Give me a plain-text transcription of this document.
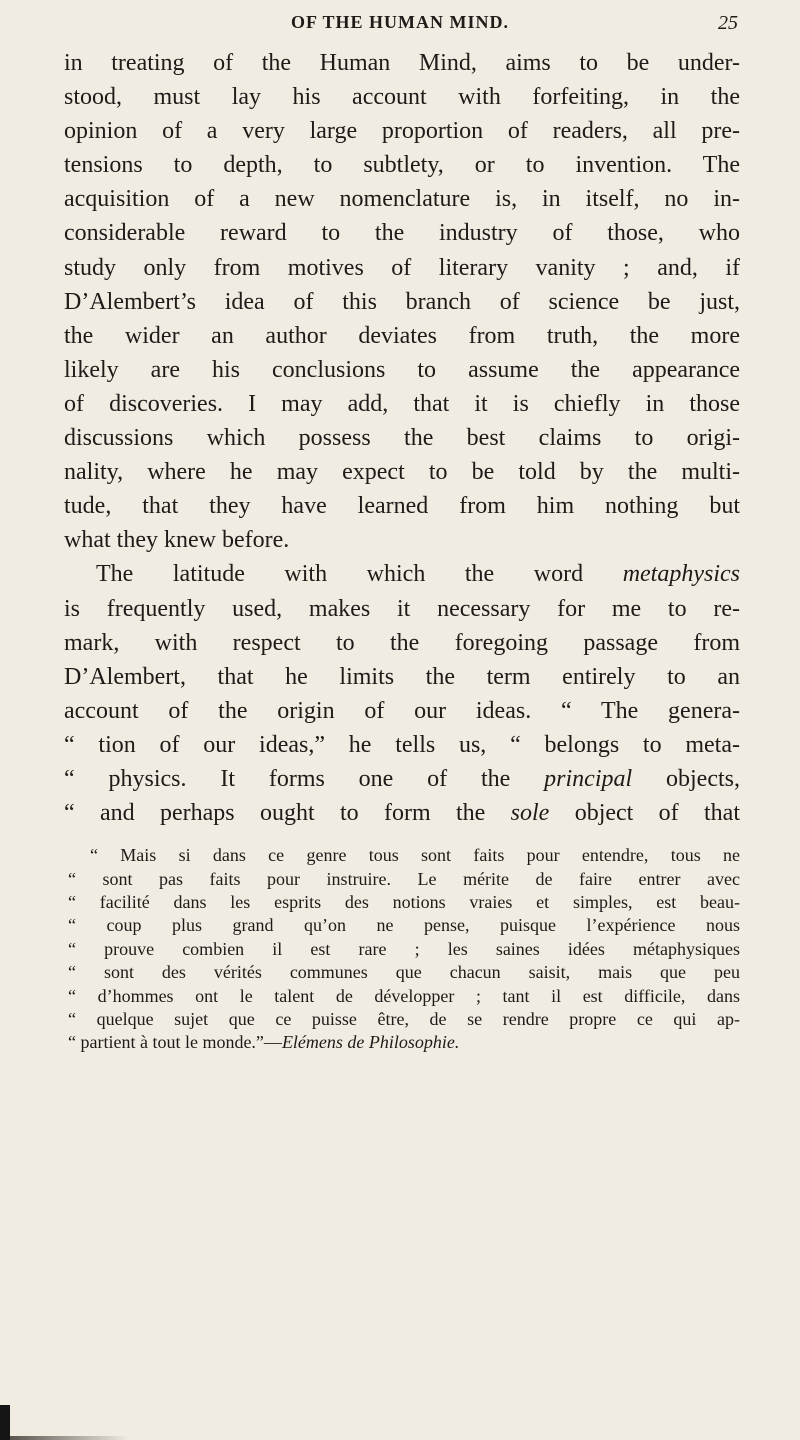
OF THE HUMAN MIND.	25
in treating of the Human Mind, aims to be under-
stood, must lay his account with forfeiting, in the
opinion of a very large proportion of readers, all pre-
tensions to depth, to subtlety, or to invention. The
acquisition of a new nomenclature is, in itself, no in-
considerable reward to the industry of those, who
study only from motives of literary vanity ; and, if
D’Alembert’s idea of this branch of science be just,
the wider an author deviates from truth, the more
likely are his conclusions to assume the appearance
of discoveries. I may add, that it is chiefly in those
discussions which possess the best claims to origi-
nality, where he may expect to be told by the multi-
tude, that they have learned from him nothing but
what they knew before.
The latitude with which the word metaphysics
is frequently used, makes it necessary for me to re-
mark, with respect to the foregoing passage from
D’Alembert, that he limits the term entirely to an
account of the origin of our ideas. “ The genera-
“ tion of our ideas,” he tells us, “ belongs to meta-
“ physics. It forms one of the principal objects,
“ and perhaps ought to form the sole object of that
“ Mais si dans ce genre tous sont faits pour entendre, tous ne
“ sont pas faits pour instruire. Le mérite de faire entrer avec
“ facilité dans les esprits des notions vraies et simples, est beau-
“ coup plus grand qu’on ne pense, puisque l’expérience nous
“ prouve combien il est rare ; les saines idées métaphysiques
“ sont des vérités communes que chacun saisit, mais que peu
“ d’hommes ont le talent de développer ; tant il est difficile, dans
“ quelque sujet que ce puisse être, de se rendre propre ce qui ap-
“ partient à tout le monde.”—Elémens de Philosophie.
